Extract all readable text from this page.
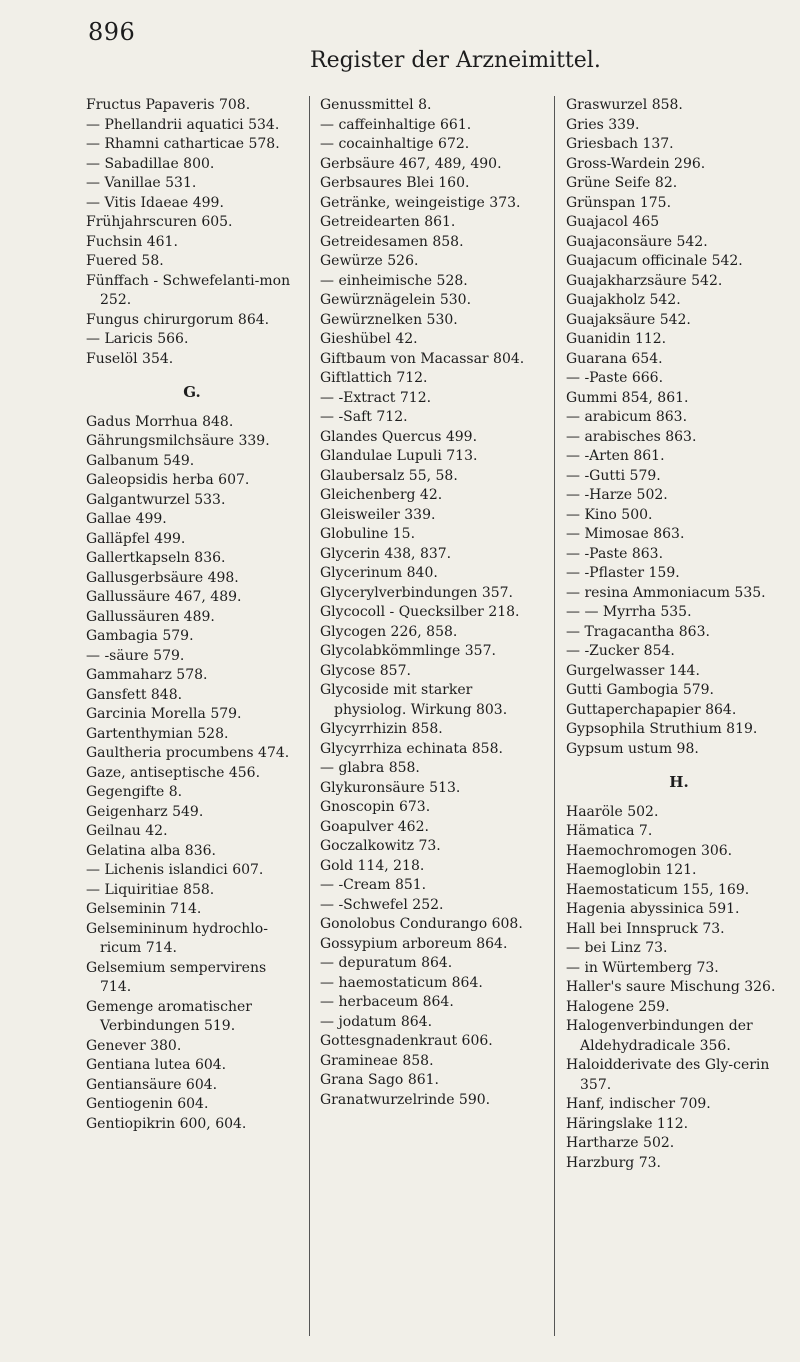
896
Register der Arzneimittel.
Fructus Papaveris 708.
— Phellandrii aquatici 534.
— Rhamni catharticae 578.
— Sabadillae 800.
— Vanillae 531.
— Vitis Idaeae 499.
Frühjahrscuren 605.
Fuchsin 461.
Fuered 58.
Fünffach - Schwefelanti-mon 252.
Fungus chirurgorum 864.
— Laricis 566.
Fuselöl 354.
G.
Gadus Morrhua 848.
Gährungsmilchsäure 339.
Galbanum 549.
Galeopsidis herba 607.
Galgantwurzel 533.
Gallae 499.
Galläpfel 499.
Gallertkapseln 836.
Gallusgerbsäure 498.
Gallussäure 467, 489.
Gallussäuren 489.
Gambagia 579.
— -säure 579.
Gammaharz 578.
Gansfett 848.
Garcinia Morella 579.
Gartenthymian 528.
Gaultheria procumbens 474.
Gaze, antiseptische 456.
Gegengifte 8.
Geigenharz 549.
Geilnau 42.
Gelatina alba 836.
— Lichenis islandici 607.
— Liquiritiae 858.
Gelseminin 714.
Gelsemininum hydrochlo-ricum 714.
Gelsemium sempervirens 714.
Gemenge aromatischer Verbindungen 519.
Genever 380.
Gentiana lutea 604.
Gentiansäure 604.
Gentiogenin 604.
Gentiopikrin 600, 604.
Genussmittel 8.
— caffeinhaltige 661.
— cocainhaltige 672.
Gerbsäure 467, 489, 490.
Gerbsaures Blei 160.
Getränke, weingeistige 373.
Getreidearten 861.
Getreidesamen 858.
Gewürze 526.
— einheimische 528.
Gewürznägelein 530.
Gewürznelken 530.
Gieshübel 42.
Giftbaum von Macassar 804.
Giftlattich 712.
— -Extract 712.
— -Saft 712.
Glandes Quercus 499.
Glandulae Lupuli 713.
Glaubersalz 55, 58.
Gleichenberg 42.
Gleisweiler 339.
Globuline 15.
Glycerin 438, 837.
Glycerinum 840.
Glycerylverbindungen 357.
Glycocoll - Quecksilber 218.
Glycogen 226, 858.
Glycolabkömmlinge 357.
Glycose 857.
Glycoside mit starker physiolog. Wirkung 803.
Glycyrrhizin 858.
Glycyrrhiza echinata 858.
— glabra 858.
Glykuronsäure 513.
Gnoscopin 673.
Goapulver 462.
Goczalkowitz 73.
Gold 114, 218.
— -Cream 851.
— -Schwefel 252.
Gonolobus Condurango 608.
Gossypium arboreum 864.
— depuratum 864.
— haemostaticum 864.
— herbaceum 864.
— jodatum 864.
Gottesgnadenkraut 606.
Gramineae 858.
Grana Sago 861.
Granatwurzelrinde 590.
Graswurzel 858.
Gries 339.
Griesbach 137.
Gross-Wardein 296.
Grüne Seife 82.
Grünspan 175.
Guajacol 465
Guajaconsäure 542.
Guajacum officinale 542.
Guajakharzsäure 542.
Guajakholz 542.
Guajaksäure 542.
Guanidin 112.
Guarana 654.
— -Paste 666.
Gummi 854, 861.
— arabicum 863.
— arabisches 863.
— -Arten 861.
— -Gutti 579.
— -Harze 502.
— Kino 500.
— Mimosae 863.
— -Paste 863.
— -Pflaster 159.
— resina Ammoniacum 535.
— — Myrrha 535.
— Tragacantha 863.
— -Zucker 854.
Gurgelwasser 144.
Gutti Gambogia 579.
Guttaperchapapier 864.
Gypsophila Struthium 819.
Gypsum ustum 98.
H.
Haaröle 502.
Hämatica 7.
Haemochromogen 306.
Haemoglobin 121.
Haemostaticum 155, 169.
Hagenia abyssinica 591.
Hall bei Innspruck 73.
— bei Linz 73.
— in Würtemberg 73.
Haller's saure Mischung 326.
Halogene 259.
Halogenverbindungen der Aldehydradicale 356.
Haloidderivate des Gly-cerin 357.
Hanf, indischer 709.
Häringslake 112.
Hartharze 502.
Harzburg 73.
